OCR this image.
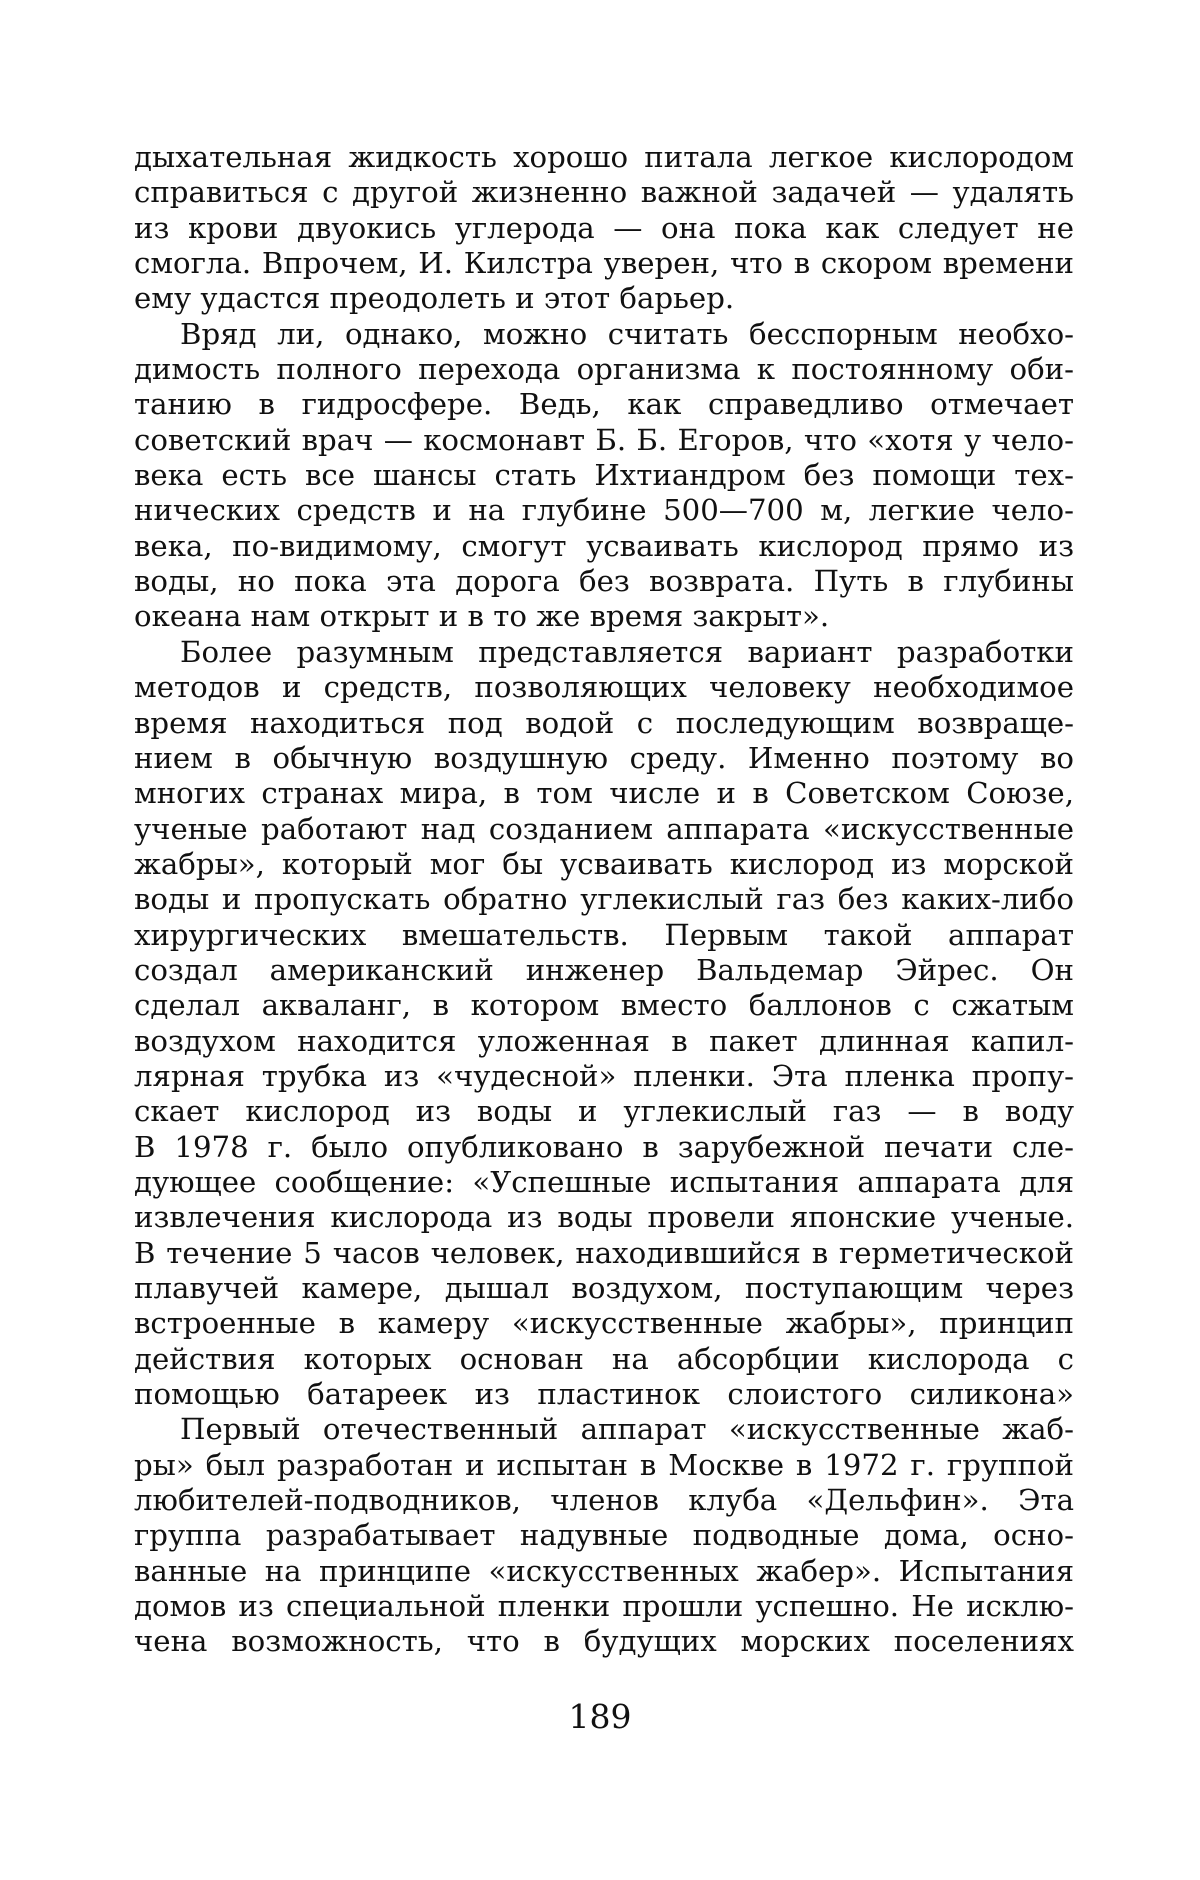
дыхательная жидкость хорошо питала легкое кислородом
справиться с другой жизненно важной задачей — удалять
из крови двуокись углерода — она пока как следует не
смогла. Впрочем, И. Килстра уверен, что в скором времени
ему удастся преодолеть и этот барьер.
Вряд ли, однако, можно считать бесспорным необхо-
димость полного перехода организма к постоянному оби-
танию в гидросфере. Ведь, как справедливо отмечает
советский врач — космонавт Б. Б. Егоров, что «хотя у чело-
века есть все шансы стать Ихтиандром без помощи тех-
нических средств и на глубине 500—700 м, легкие чело-
века, по-видимому, смогут усваивать кислород прямо из
воды, но пока эта дорога без возврата. Путь в глубины
океана нам открыт и в то же время закрыт».
Более разумным представляется вариант разработки
методов и средств, позволяющих человеку необходимое
время находиться под водой с последующим возвраще-
нием в обычную воздушную среду. Именно поэтому во
многих странах мира, в том числе и в Советском Союзе,
ученые работают над созданием аппарата «искусственные
жабры», который мог бы усваивать кислород из морской
воды и пропускать обратно углекислый газ без каких-либо
хирургических вмешательств. Первым такой аппарат
создал американский инженер Вальдемар Эйрес. Он
сделал акваланг, в котором вместо баллонов с сжатым
воздухом находится уложенная в пакет длинная капил-
лярная трубка из «чудесной» пленки. Эта пленка пропу-
скает кислород из воды и углекислый газ — в воду
В 1978 г. было опубликовано в зарубежной печати сле-
дующее сообщение: «Успешные испытания аппарата для
извлечения кислорода из воды провели японские ученые.
В течение 5 часов человек, находившийся в герметической
плавучей камере, дышал воздухом, поступающим через
встроенные в камеру «искусственные жабры», принцип
действия которых основан на абсорбции кислорода с
помощью батареек из пластинок слоистого силикона»
Первый отечественный аппарат «искусственные жаб-
ры» был разработан и испытан в Москве в 1972 г. группой
любителей-подводников, членов клуба «Дельфин». Эта
группа разрабатывает надувные подводные дома, осно-
ванные на принципе «искусственных жабер». Испытания
домов из специальной пленки прошли успешно. Не исклю-
чена возможность, что в будущих морских поселениях
189
